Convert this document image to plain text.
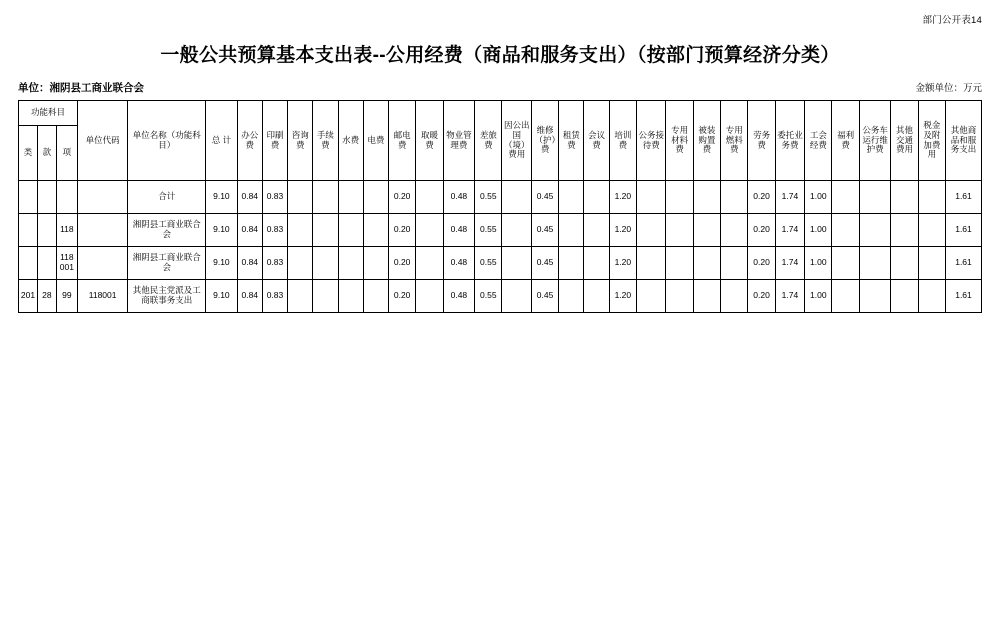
部门公开表14
一般公共预算基本支出表--公用经费（商品和服务支出）（按部门预算经济分类）
单位：湘阴县工商业联合会	金额单位：万元
功能科目			单位代码	单位名称（功能科目）	总 计	办公费	印刷费	咨询费	手续费	水费	电费	邮电费	取暖费	物业管理费	差旅费	因公出国（境）费用	维修（护）费	租赁费	会议费	培训费	公务接待费	专用材料费	被装购置费	专用燃料费	劳务费	委托业务费	工会经费	福利费	公务车运行维护费	其他交通费用	税金及附加费用	其他商品和服务支出
类	款	项																														
				合计	9.10	0.84	0.83					0.20		0.48	0.55		0.45			1.20					0.20	1.74	1.00					1.61
		118		湘阴县工商业联合会	9.10	0.84	0.83					0.20		0.48	0.55		0.45			1.20					0.20	1.74	1.00					1.61
		118001		湘阴县工商业联合会	9.10	0.84	0.83					0.20		0.48	0.55		0.45			1.20					0.20	1.74	1.00					1.61
201	28	99	118001	其他民主党派及工商联事务支出	9.10	0.84	0.83					0.20		0.48	0.55		0.45			1.20					0.20	1.74	1.00					1.61
